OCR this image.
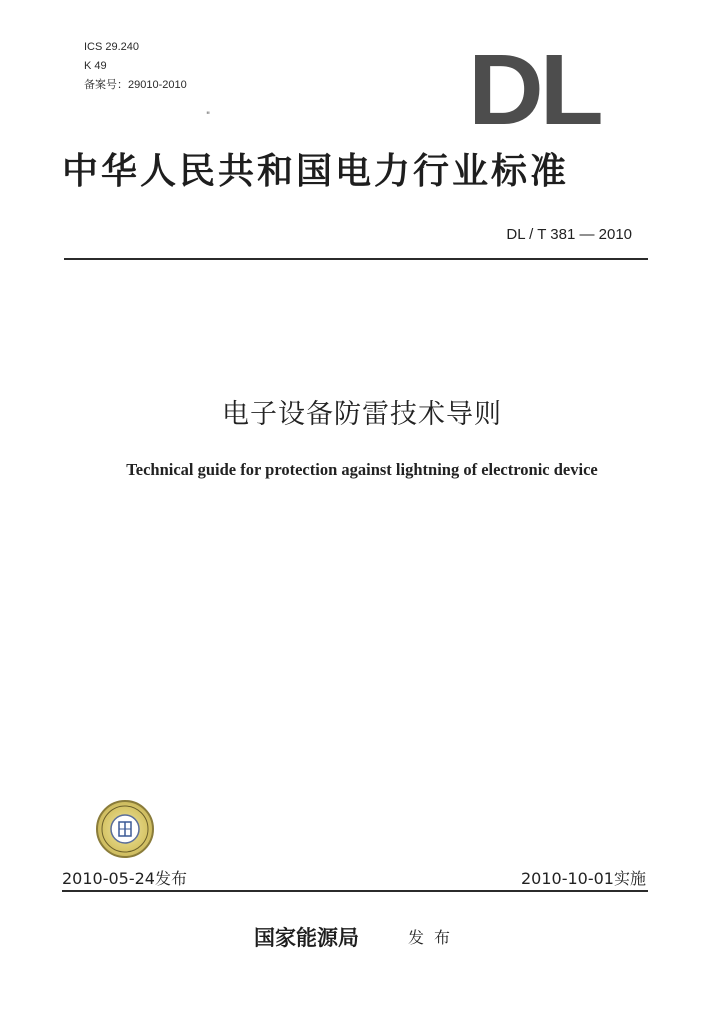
ICS 29.240
K 49
备案号：29010-2010
"	DL
中华人民共和国电力行业标准
DL / T 381 — 2010
电子设备防雷技术导则
Technical guide for protection against lightning of electronic device
2010-05-24发布	2010-10-01实施
国家能源局	发布
